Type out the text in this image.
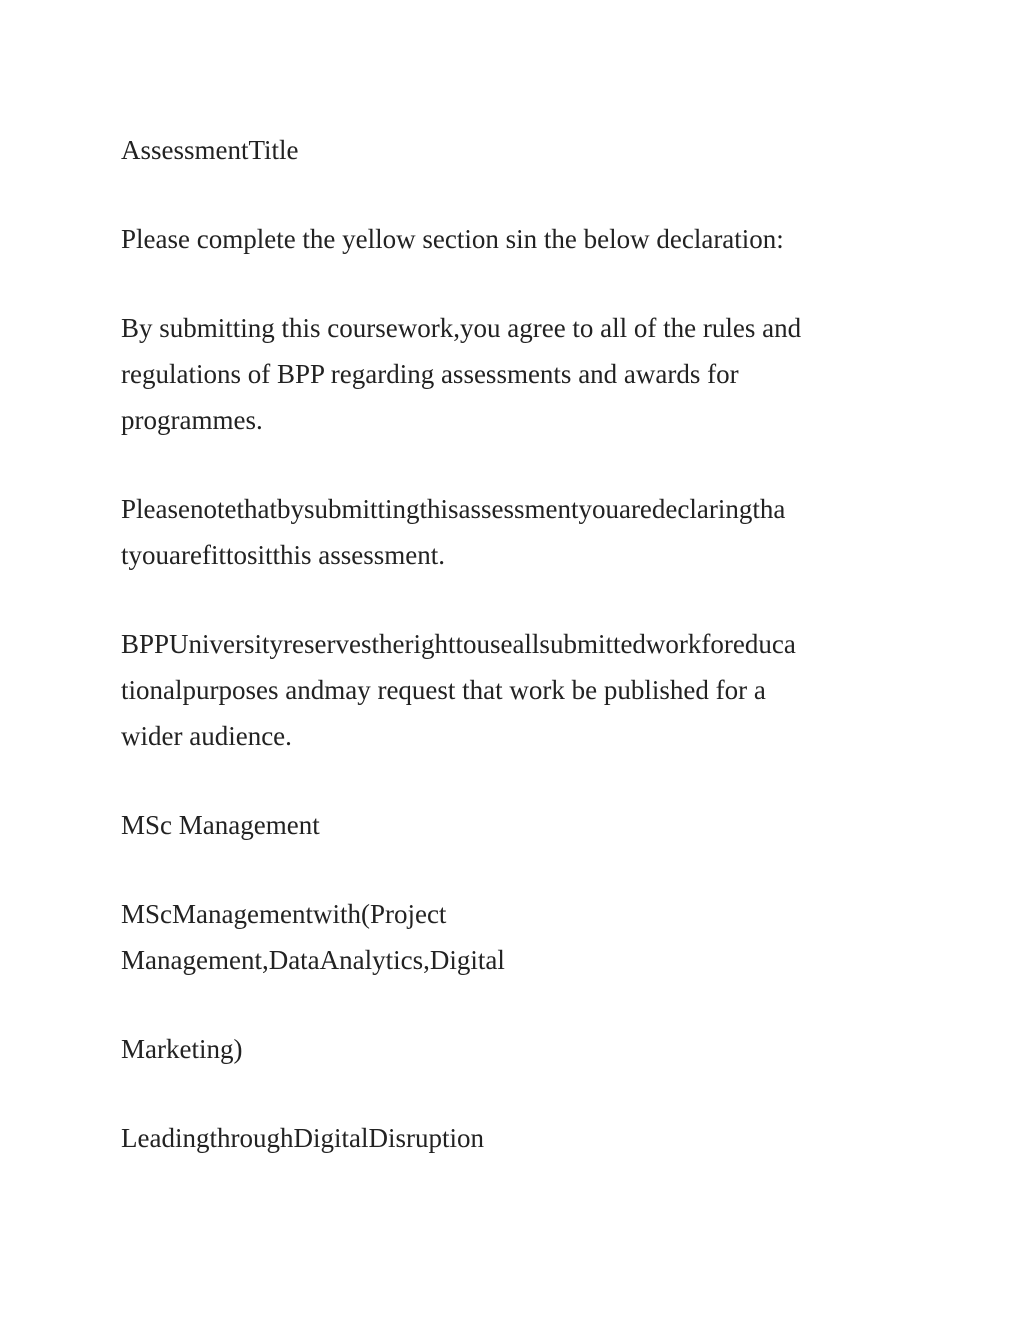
AssessmentTitle

Please complete the yellow section sin the below declaration:

By submitting this coursework,you agree to all of the rules and
regulations of BPP regarding assessments and awards for
programmes.

Pleasenotethatbysubmittingthisassessmentyouaredeclaringtha
tyouarefittositthis assessment.

BPPUniversityreservestherighttouseallsubmittedworkforeduca
tionalpurposes andmay request that work be published for a
wider audience.

MSc Management

MScManagementwith(Project
Management,DataAnalytics,Digital

Marketing)

LeadingthroughDigitalDisruption
